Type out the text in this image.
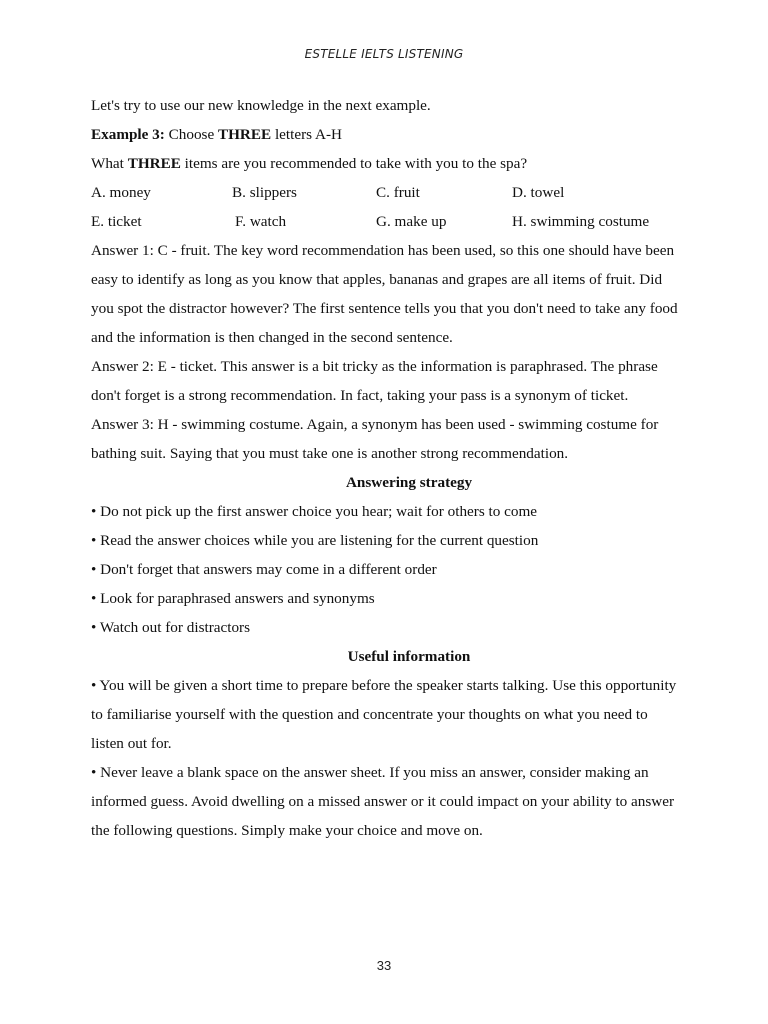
ESTELLE IELTS LISTENING
Let's try to use our new knowledge in the next example.
Example 3: Choose THREE letters A-H
What THREE items are you recommended to take with you to the spa?
A. money	B. slippers	C. fruit	D. towel
E. ticket	F. watch	G. make up	H. swimming costume
Answer 1: C - fruit. The key word recommendation has been used, so this one should have been
easy to identify as long as you know that apples, bananas and grapes are all items of fruit. Did
you spot the distractor however? The first sentence tells you that you don't need to take any food
and the information is then changed in the second sentence.
Answer 2: E - ticket. This answer is a bit tricky as the information is paraphrased. The phrase
don't forget is a strong recommendation. In fact, taking your pass is a synonym of ticket.
Answer 3: H - swimming costume. Again, a synonym has been used - swimming costume for
bathing suit. Saying that you must take one is another strong recommendation.
Answering strategy
• Do not pick up the first answer choice you hear; wait for others to come
• Read the answer choices while you are listening for the current question
• Don't forget that answers may come in a different order
• Look for paraphrased answers and synonyms
• Watch out for distractors
Useful information
• You will be given a short time to prepare before the speaker starts talking. Use this opportunity
to familiarise yourself with the question and concentrate your thoughts on what you need to
listen out for.
• Never leave a blank space on the answer sheet. If you miss an answer, consider making an
informed guess. Avoid dwelling on a missed answer or it could impact on your ability to answer
the following questions. Simply make your choice and move on.
33
